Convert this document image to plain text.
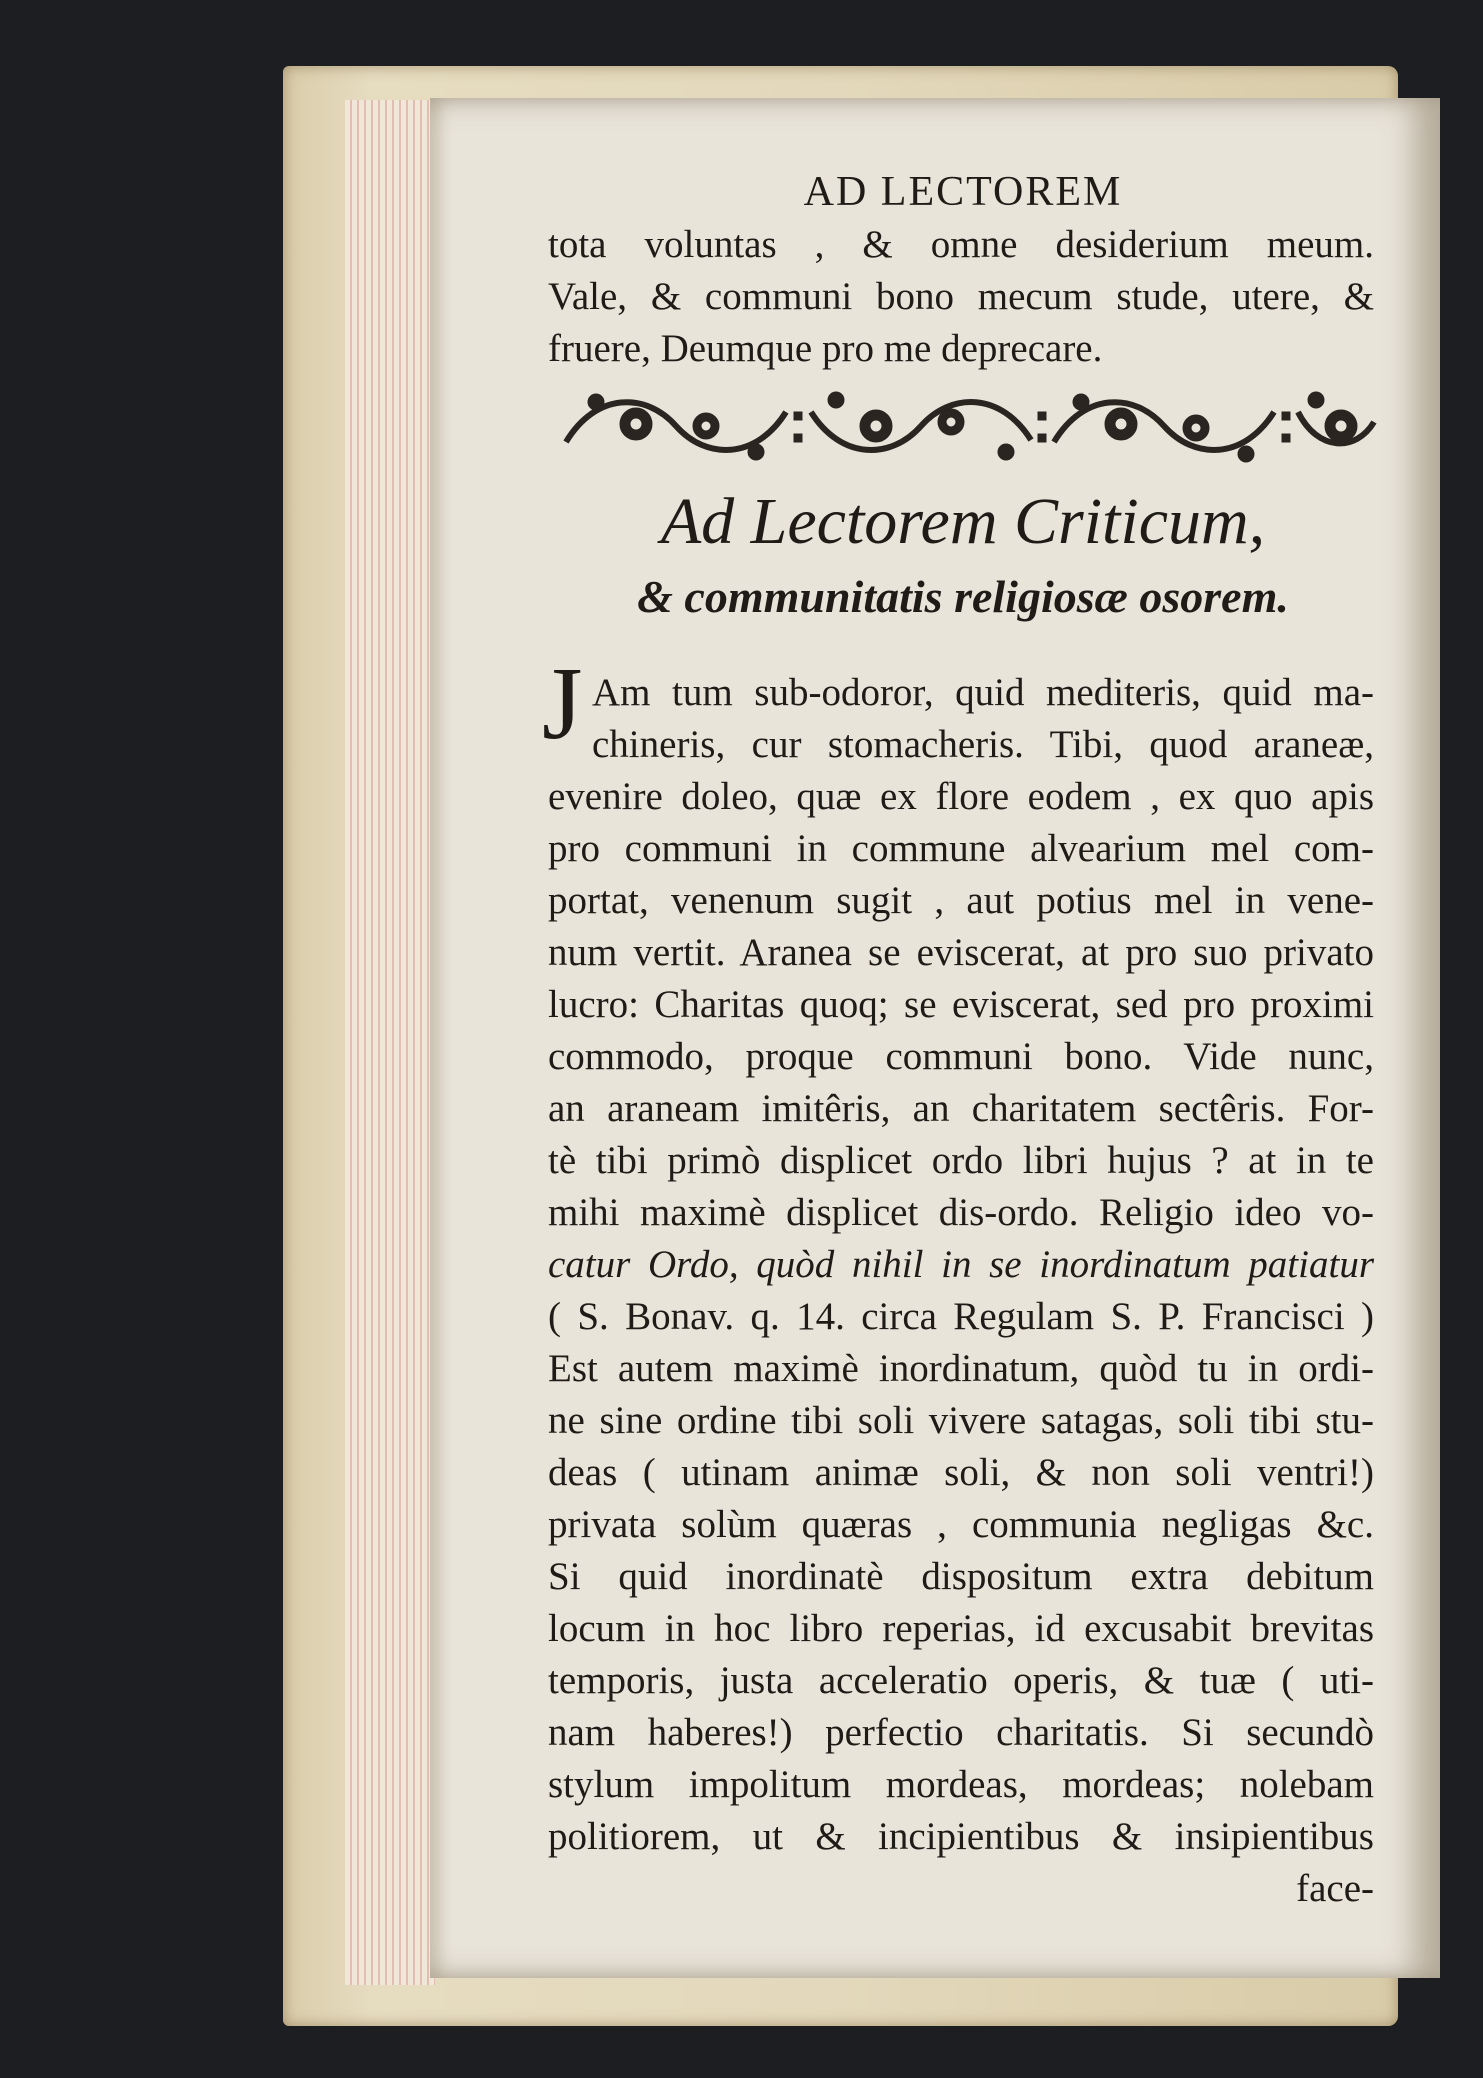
AD LECTOREM
tota voluntas , & omne desiderium meum.
Vale, & communi bono mecum stude, utere, &
fruere, Deumque pro me deprecare.
Ad Lectorem Criticum,
& communitatis religiosæ osorem.
J Am tum sub-odoror, quid mediteris, quid ma-
chineris, cur stomacheris. Tibi, quod araneæ,
evenire doleo, quæ ex flore eodem , ex quo apis
pro communi in commune alvearium mel com-
portat, venenum sugit , aut potius mel in vene-
num vertit. Aranea se eviscerat, at pro suo privato
lucro: Charitas quoq; se eviscerat, sed pro proximi
commodo, proque communi bono. Vide nunc,
an araneam imitêris, an charitatem sectêris. For-
tè tibi primò displicet ordo libri hujus ? at in te
mihi maximè displicet dis-ordo. Religio ideo vo-
catur Ordo, quòd nihil in se inordinatum patiatur
( S. Bonav. q. 14. circa Regulam S. P. Francisci )
Est autem maximè inordinatum, quòd tu in ordi-
ne sine ordine tibi soli vivere satagas, soli tibi stu-
deas ( utinam animæ soli, & non soli ventri!)
privata solùm quæras , communia negligas &c.
Si quid inordinatè dispositum extra debitum
locum in hoc libro reperias, id excusabit brevitas
temporis, justa acceleratio operis, & tuæ ( uti-
nam haberes!) perfectio charitatis. Si secundò
stylum impolitum mordeas, mordeas; nolebam
politiorem, ut & incipientibus & insipientibus
face-
